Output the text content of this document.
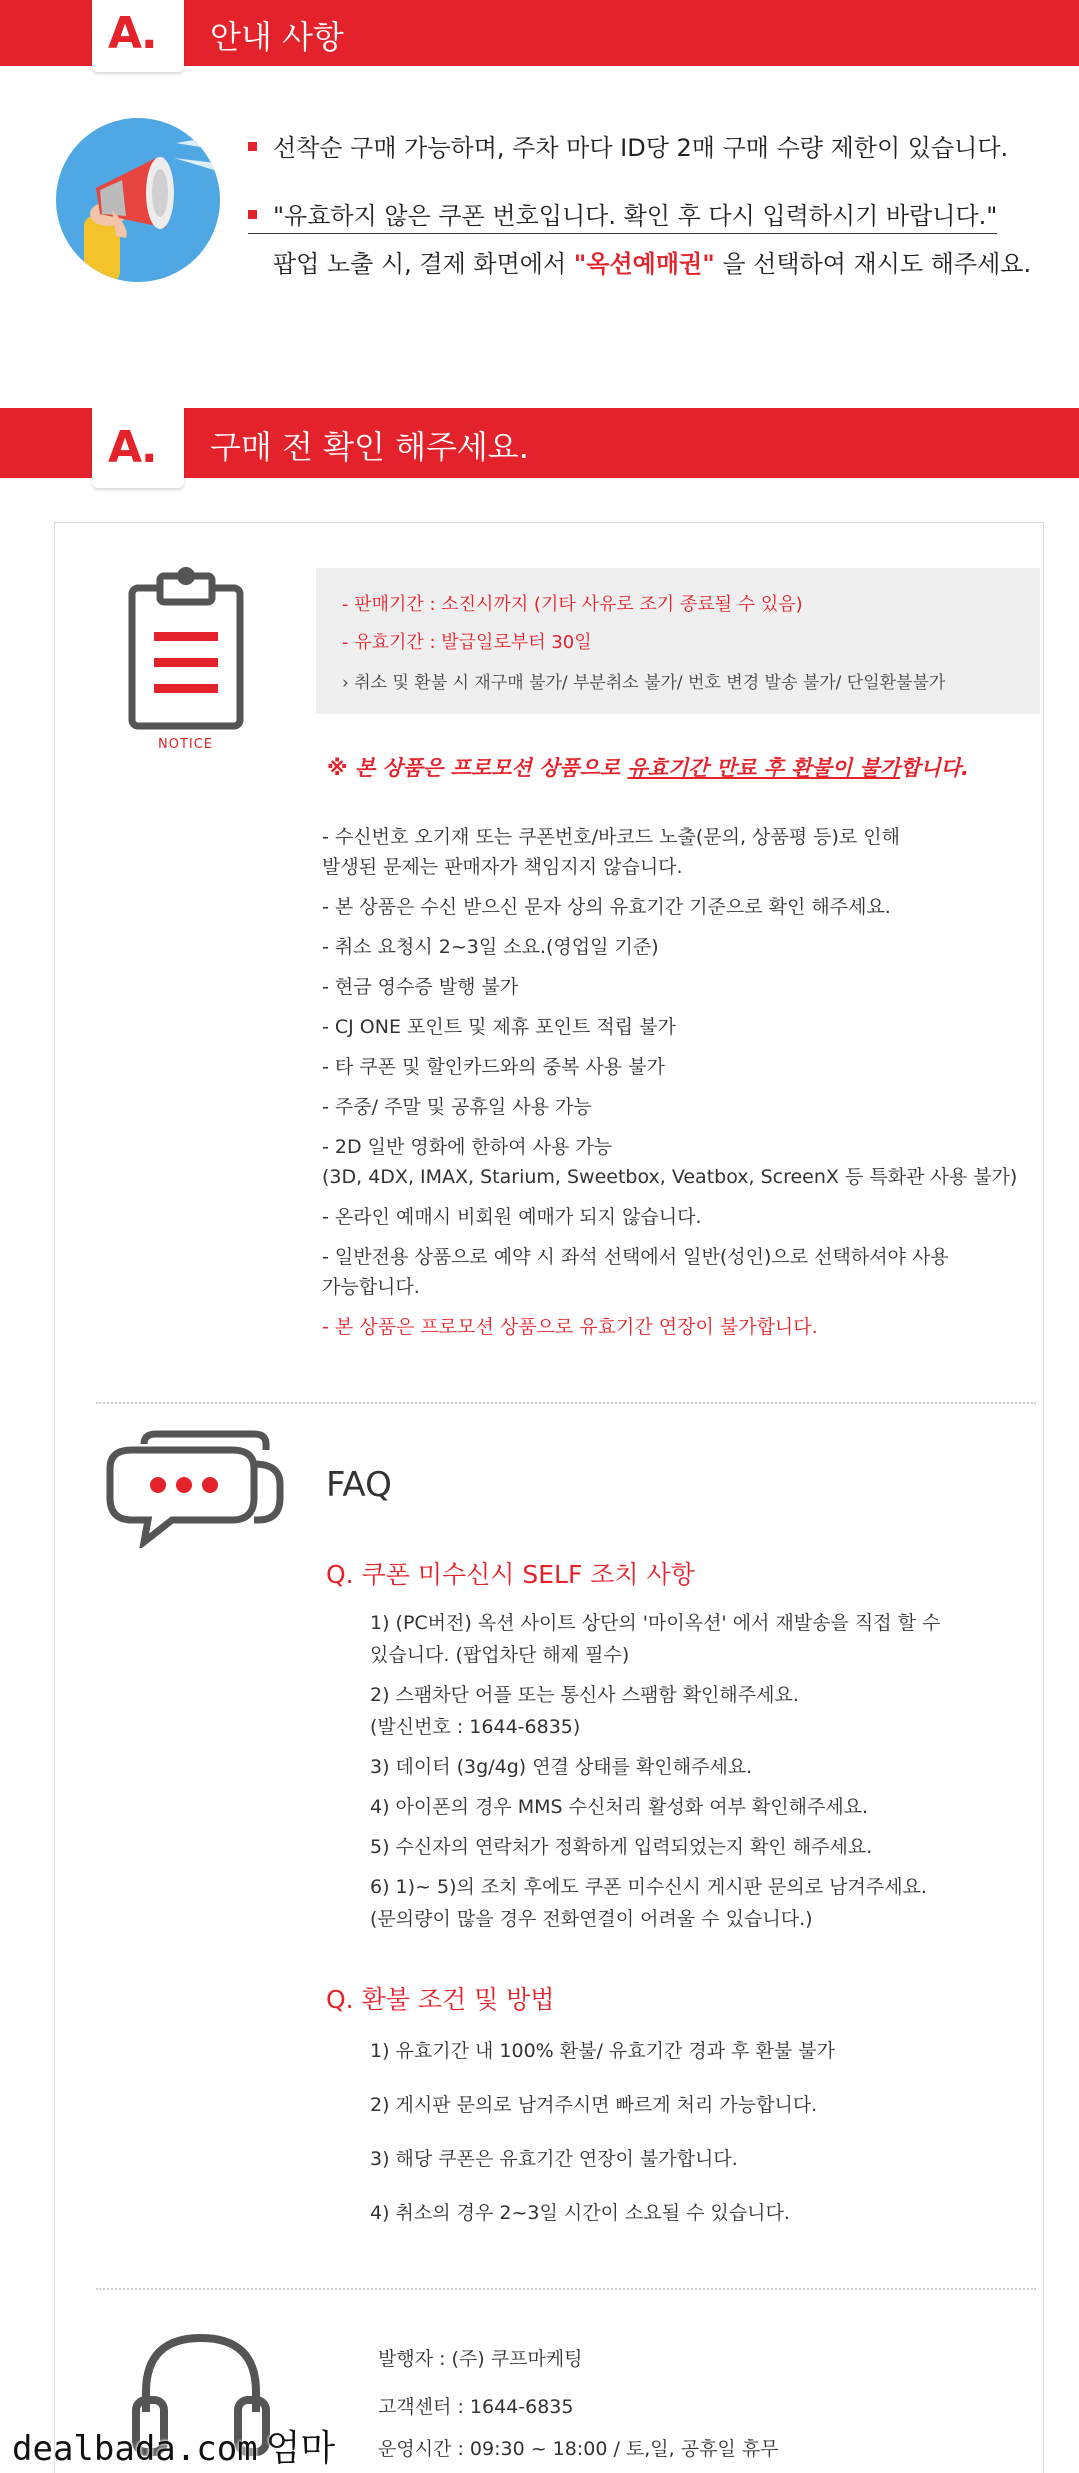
A. 안내 사항
선착순 구매 가능하며, 주차 마다 ID당 2매 구매 수량 제한이 있습니다.
"유효하지 않은 쿠폰 번호입니다. 확인 후 다시 입력하시기 바랍니다."
팝업 노출 시, 결제 화면에서 "옥션예매권" 을 선택하여 재시도 해주세요.
A. 구매 전 확인 해주세요.
NOTICE
- 판매기간 : 소진시까지 (기타 사유로 조기 종료될 수 있음)
- 유효기간 : 발급일로부터 30일
› 취소 및 환불 시 재구매 불가/ 부분취소 불가/ 번호 변경 발송 불가/ 단일환불불가
※ 본 상품은 프로모션 상품으로 유효기간 만료 후 환불이 불가합니다.
- 수신번호 오기재 또는 쿠폰번호/바코드 노출(문의, 상품평 등)로 인해
발생된 문제는 판매자가 책임지지 않습니다.
- 본 상품은 수신 받으신 문자 상의 유효기간 기준으로 확인 해주세요.
- 취소 요청시 2~3일 소요.(영업일 기준)
- 현금 영수증 발행 불가
- CJ ONE 포인트 및 제휴 포인트 적립 불가
- 타 쿠폰 및 할인카드와의 중복 사용 불가
- 주중/ 주말 및 공휴일 사용 가능
- 2D 일반 영화에 한하여 사용 가능
(3D, 4DX, IMAX, Starium, Sweetbox, Veatbox, ScreenX 등 특화관 사용 불가)
- 온라인 예매시 비회원 예매가 되지 않습니다.
- 일반전용 상품으로 예약 시 좌석 선택에서 일반(성인)으로 선택하셔야 사용
가능합니다.
- 본 상품은 프로모션 상품으로 유효기간 연장이 불가합니다.
FAQ
Q. 쿠폰 미수신시 SELF 조치 사항
1) (PC버전) 옥션 사이트 상단의 '마이옥션' 에서 재발송을 직접 할 수
있습니다. (팝업차단 해제 필수)
2) 스팸차단 어플 또는 통신사 스팸함 확인해주세요.
(발신번호 : 1644-6835)
3) 데이터 (3g/4g) 연결 상태를 확인해주세요.
4) 아이폰의 경우 MMS 수신처리 활성화 여부 확인해주세요.
5) 수신자의 연락처가 정확하게 입력되었는지 확인 해주세요.
6) 1)~ 5)의 조치 후에도 쿠폰 미수신시 게시판 문의로 남겨주세요.
(문의량이 많을 경우 전화연결이 어려울 수 있습니다.)
Q. 환불 조건 및 방법
1) 유효기간 내 100% 환불/ 유효기간 경과 후 환불 불가
2) 게시판 문의로 남겨주시면 빠르게 처리 가능합니다.
3) 해당 쿠폰은 유효기간 연장이 불가합니다.
4) 취소의 경우 2~3일 시간이 소요될 수 있습니다.
발행자 : (주) 쿠프마케팅
고객센터 : 1644-6835
운영시간 : 09:30 ~ 18:00 / 토,일, 공휴일 휴무
dealbada.com 엄마
